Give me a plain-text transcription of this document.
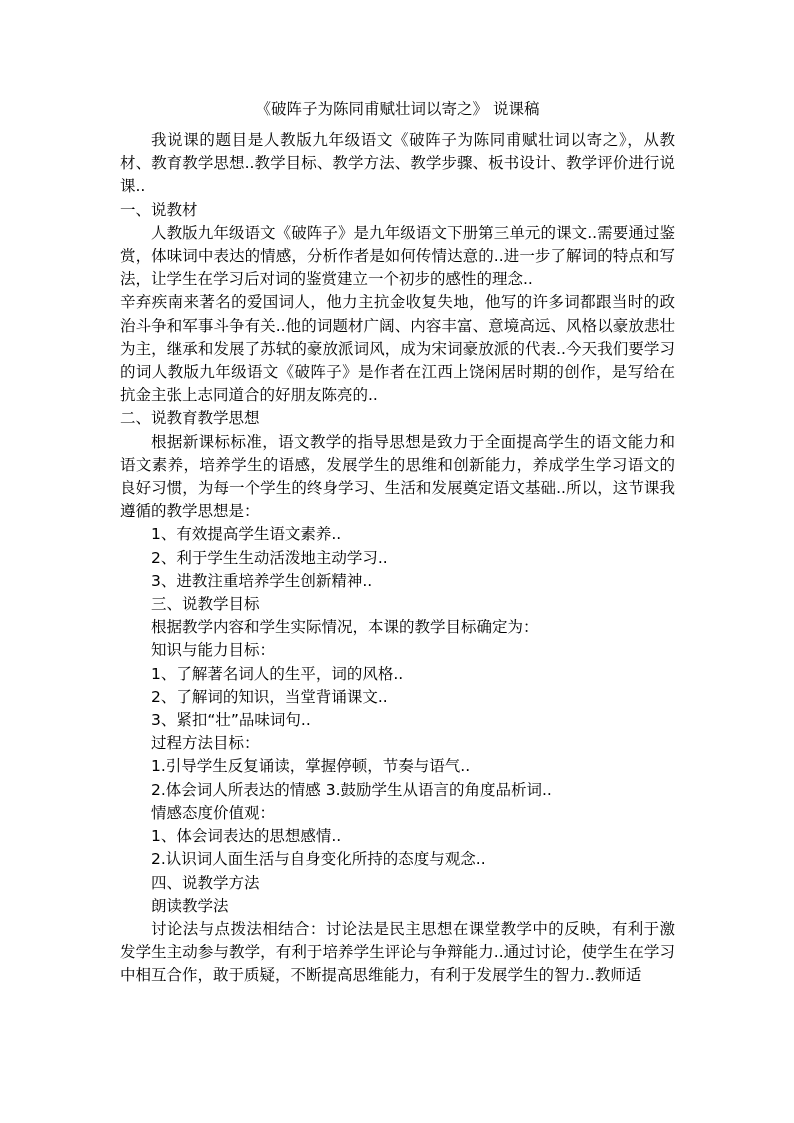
《破阵子为陈同甫赋壮词以寄之》 说课稿

我说课的题目是人教版九年级语文《破阵子为陈同甫赋壮词以寄之》，从教材、教育教学思想..教学目标、教学方法、教学步骤、板书设计、教学评价进行说课..

一、说教材

人教版九年级语文《破阵子》是九年级语文下册第三单元的课文..需要通过鉴赏，体味词中表达的情感，分析作者是如何传情达意的..进一步了解词的特点和写法，让学生在学习后对词的鉴赏建立一个初步的感性的理念..

辛弃疾南来著名的爱国词人，他力主抗金收复失地，他写的许多词都跟当时的政治斗争和军事斗争有关..他的词题材广阔、内容丰富、意境高远、风格以豪放悲壮为主，继承和发展了苏轼的豪放派词风，成为宋词豪放派的代表..今天我们要学习的词人教版九年级语文《破阵子》是作者在江西上饶闲居时期的创作，是写给在抗金主张上志同道合的好朋友陈亮的..

二、说教育教学思想

根据新课标标准，语文教学的指导思想是致力于全面提高学生的语文能力和语文素养，培养学生的语感，发展学生的思维和创新能力，养成学生学习语文的良好习惯，为每一个学生的终身学习、生活和发展奠定语文基础..所以，这节课我遵循的教学思想是：

1、有效提高学生语文素养..

2、利于学生生动活泼地主动学习..

3、进教注重培养学生创新精神..

三、说教学目标

根据教学内容和学生实际情况，本课的教学目标确定为：

知识与能力目标：

1、了解著名词人的生平，词的风格..

2、了解词的知识，当堂背诵课文..

3、紧扣“壮”品味词句..

过程方法目标：

1.引导学生反复诵读，掌握停顿，节奏与语气..

2.体会词人所表达的情感 3.鼓励学生从语言的角度品析词..

情感态度价值观：

1、体会词表达的思想感情..

2.认识词人面生活与自身变化所持的态度与观念..

四、说教学方法

朗读教学法

讨论法与点拨法相结合：讨论法是民主思想在课堂教学中的反映，有利于激发学生主动参与教学，有利于培养学生评论与争辩能力..通过讨论，使学生在学习中相互合作，敢于质疑，不断提高思维能力，有利于发展学生的智力..教师适
